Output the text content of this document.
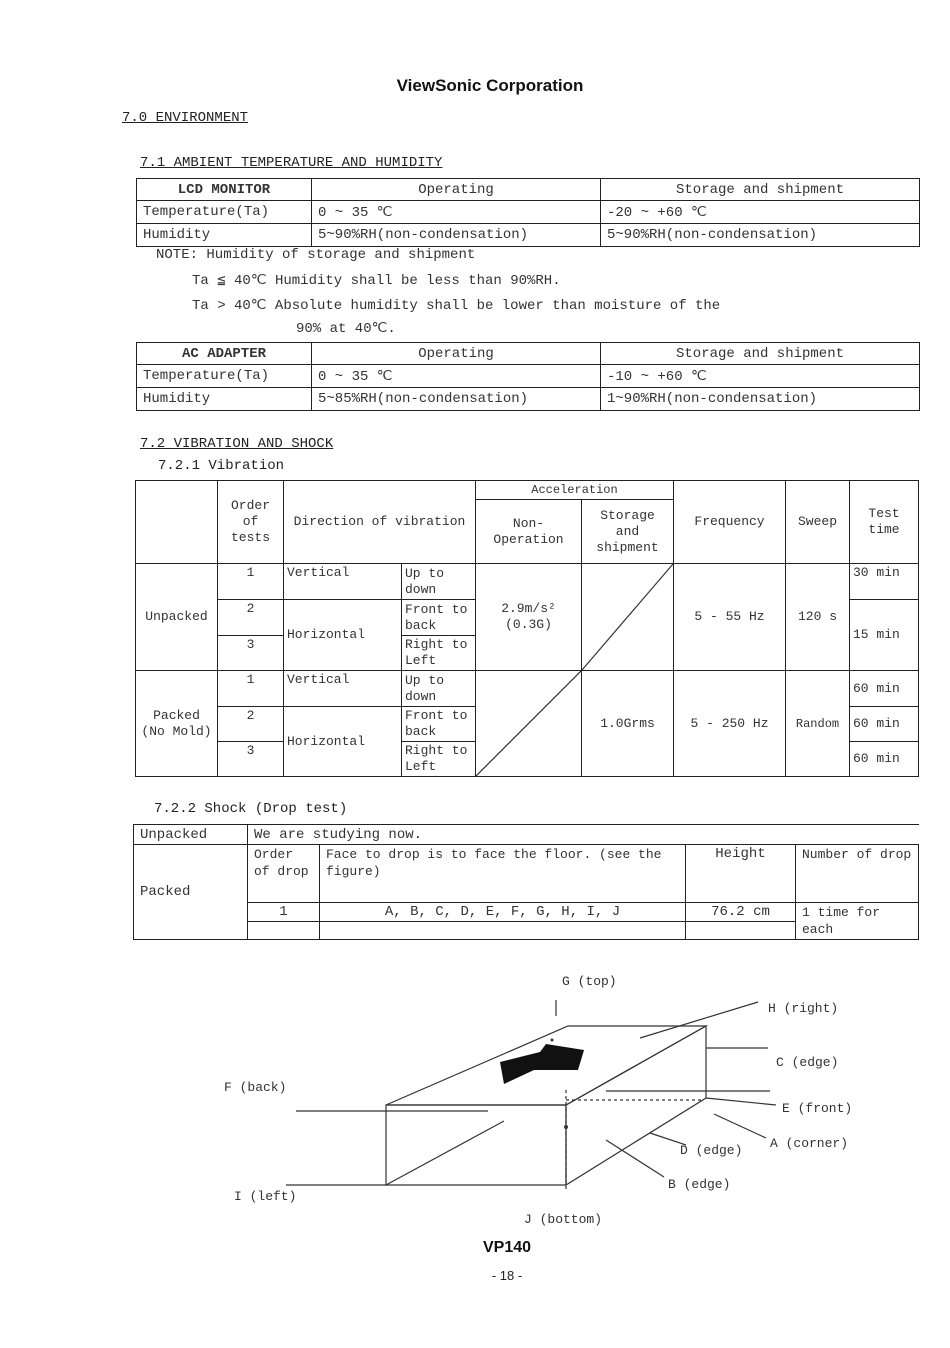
ViewSonic Corporation
7.0 ENVIRONMENT
7.1 AMBIENT TEMPERATURE AND HUMIDITY
LCD MONITOR	Operating	Storage and shipment
Temperature(Ta)	0 ~ 35 ℃	-20 ~ +60 ℃
Humidity	5~90%RH(non-condensation)	5~90%RH(non-condensation)
NOTE: Humidity of storage and shipment
Ta ≦ 40℃ Humidity shall be less than 90%RH.
Ta > 40℃ Absolute humidity shall be lower than moisture of the
90% at 40℃.
AC ADAPTER	Operating	Storage and shipment
Temperature(Ta)	0 ~ 35 ℃	-10 ~ +60 ℃
Humidity	5~85%RH(non-condensation)	1~90%RH(non-condensation)
7.2 VIBRATION AND SHOCK
7.2.1 Vibration
	Order of tests	Direction of vibration		Acceleration		Frequency	Sweep	Test time
				Non- Operation	Storage and shipment			
Unpacked	1	Vertical	Up to down	2.9m/s² (0.3G)		5 - 55 Hz	120 s	30 min
	2	Horizontal	Front to back					15 min
	3		Right to Left					
Packed (No Mold)	1	Vertical	Up to down		1.0Grms	5 - 250 Hz	Random	60 min
	2	Horizontal	Front to back					60 min
	3		Right to Left					60 min
7.2.2 Shock (Drop test)
Unpacked	We are studying now.			
Packed	Order of drop	Face to drop is to face the floor. (see the figure)	Height	Number of drop
	1	A, B, C, D, E, F, G, H, I, J	76.2 cm	1 time for each

G (top)
H (right)
C (edge)
F (back)
E (front)
A (corner)
D (edge)
B (edge)
I (left)
J (bottom)
VP140
- 18 -
